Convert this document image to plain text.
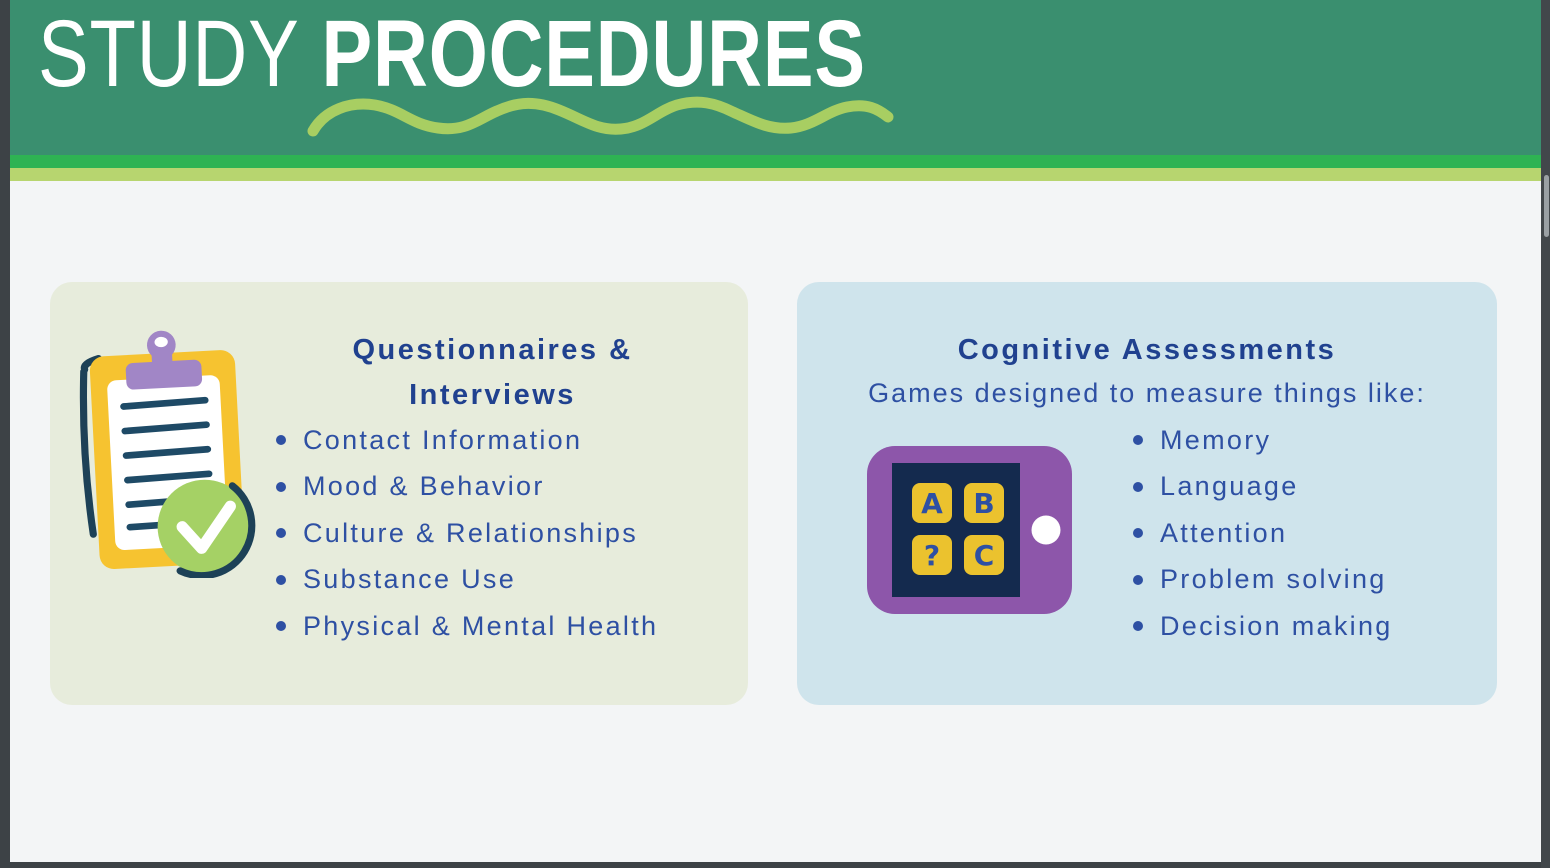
STUDY PROCEDURES
Questionnaires &
Interviews
Contact Information
Mood & Behavior
Culture & Relationships
Substance Use
Physical & Mental Health
Cognitive Assessments
Games designed to measure things like:
A B
? C
Memory
Language
Attention
Problem solving
Decision making
